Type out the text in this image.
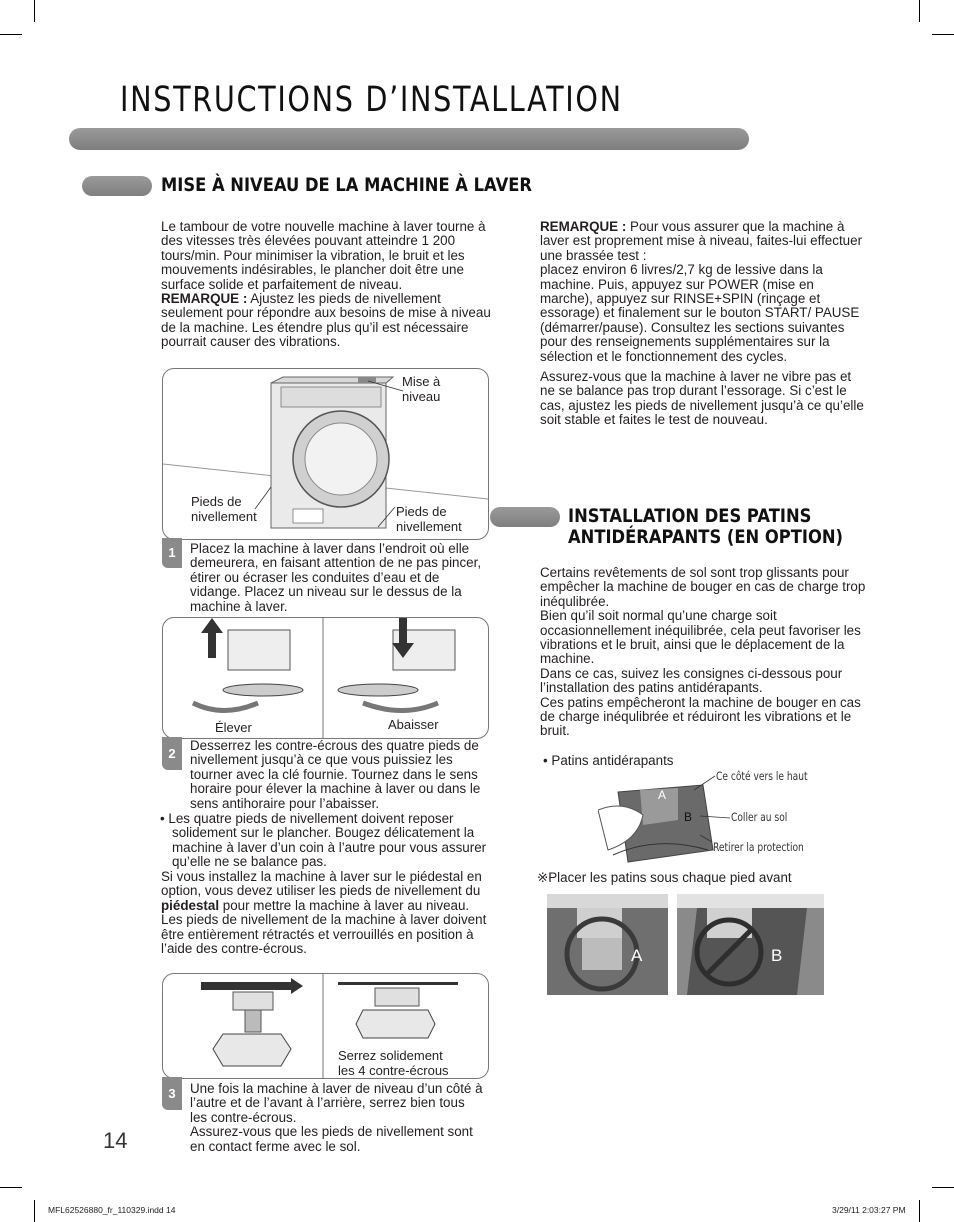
INSTRUCTIONS D’INSTALLATION
MISE À NIVEAU DE LA MACHINE À LAVER

Le tambour de votre nouvelle machine à laver tourne à des vitesses très élevées pouvant atteindre 1 200 tours/min. Pour minimiser la vibration, le bruit et les mouvements indésirables, le plancher doit être une surface solide et parfaitement de niveau.

REMARQUE : Ajustez les pieds de nivellement seulement pour répondre aux besoins de mise à niveau de la machine. Les étendre plus qu’il est nécessaire pourrait causer des vibrations.

Mise à
niveau
Pieds de
nivellement	Pieds de
nivellement
1	Placez la machine à laver dans l’endroit où elle demeurera, en faisant attention de ne pas pincer, étirer ou écraser les conduites d’eau et de vidange. Placez un niveau sur le dessus de la machine à laver.
Élever	Abaisser
2
Desserrez les contre-écrous des quatre pieds de nivellement jusqu’à ce que vous puissiez les tourner avec la clé fournie. Tournez dans le sens horaire pour élever la machine à laver ou dans le sens antihoraire pour l’abaisser.
• Les quatre pieds de nivellement doivent reposer solidement sur le plancher. Bougez délicatement la machine à laver d’un coin à l’autre pour vous assurer qu’elle ne se balance pas.
Si vous installez la machine à laver sur le piédestal en option, vous devez utiliser les pieds de nivellement du piédestal pour mettre la machine à laver au niveau. Les pieds de nivellement de la machine à laver doivent être entièrement rétractés et verrouillés en position à l’aide des contre-écrous.
Serrez solidement
les 4 contre-écrous
3	Une fois la machine à laver de niveau d’un côté à l’autre et de l’avant à l’arrière, serrez bien tous les contre-écrous.

Assurez-vous que les pieds de nivellement sont en contact ferme avec le sol.

14

REMARQUE : Pour vous assurer que la machine à laver est proprement mise à niveau, faites-lui effectuer une brassée test :

placez environ 6 livres/2,7 kg de lessive dans la machine. Puis, appuyez sur POWER (mise en marche), appuyez sur RINSE+SPIN (rinçage et essorage) et finalement sur le bouton START/ PAUSE (démarrer/pause). Consultez les sections suivantes pour des renseignements supplémentaires sur la sélection et le fonctionnement des cycles.

Assurez-vous que la machine à laver ne vibre pas et ne se balance pas trop durant l’essorage. Si c’est le cas, ajustez les pieds de nivellement jusqu’à ce qu’elle soit stable et faites le test de nouveau.

INSTALLATION DES PATINS
ANTIDÉRAPANTS (EN OPTION)

Certains revêtements de sol sont trop glissants pour empêcher la machine de bouger en cas de charge trop inéqulibrée.

Bien qu’il soit normal qu’une charge soit occasionnellement inéquilibrée, cela peut favoriser les vibrations et le bruit, ainsi que le déplacement de la machine.

Dans ce cas, suivez les consignes ci-dessous pour l’installation des patins antidérapants.

Ces patins empêcheront la machine de bouger en cas de charge inéqulibrée et réduiront les vibrations et le bruit.

• Patins antidérapants
A
B
Ce côté vers le haut
Coller au sol
Retirer la protection
※Placer les patins sous chaque pied avant
A	B
MFL62526880_fr_110329.indd 14	3/29/11 2:03:27 PM
